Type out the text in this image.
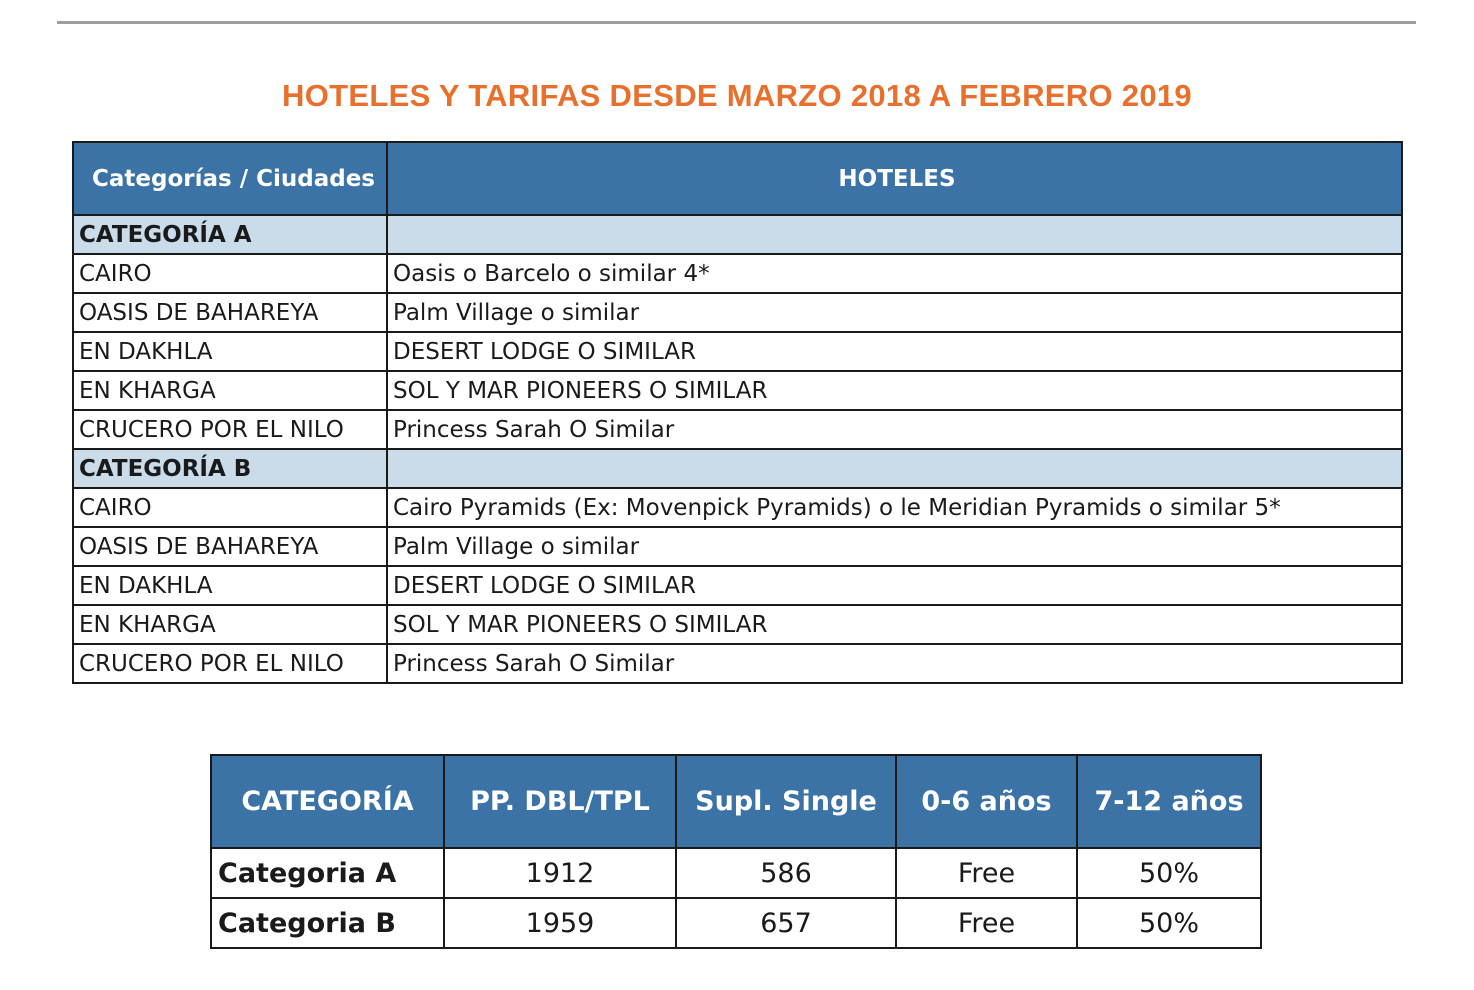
HOTELES Y TARIFAS DESDE MARZO 2018 A FEBRERO 2019
Categorías / Ciudades	HOTELES
CATEGORÍA A	
CAIRO	Oasis o Barcelo o similar 4*
OASIS DE BAHAREYA	Palm Village o similar
EN DAKHLA	DESERT LODGE O SIMILAR
EN KHARGA	SOL Y MAR PIONEERS O SIMILAR
CRUCERO POR EL NILO	Princess Sarah O Similar
CATEGORÍA B	
CAIRO	Cairo Pyramids (Ex: Movenpick Pyramids) o le Meridian Pyramids o similar 5*
OASIS DE BAHAREYA	Palm Village o similar
EN DAKHLA	DESERT LODGE O SIMILAR
EN KHARGA	SOL Y MAR PIONEERS O SIMILAR
CRUCERO POR EL NILO	Princess Sarah O Similar
CATEGORÍA	PP. DBL/TPL	Supl. Single	0-6 años	7-12 años
Categoria A	1912	586	Free	50%
Categoria B	1959	657	Free	50%
